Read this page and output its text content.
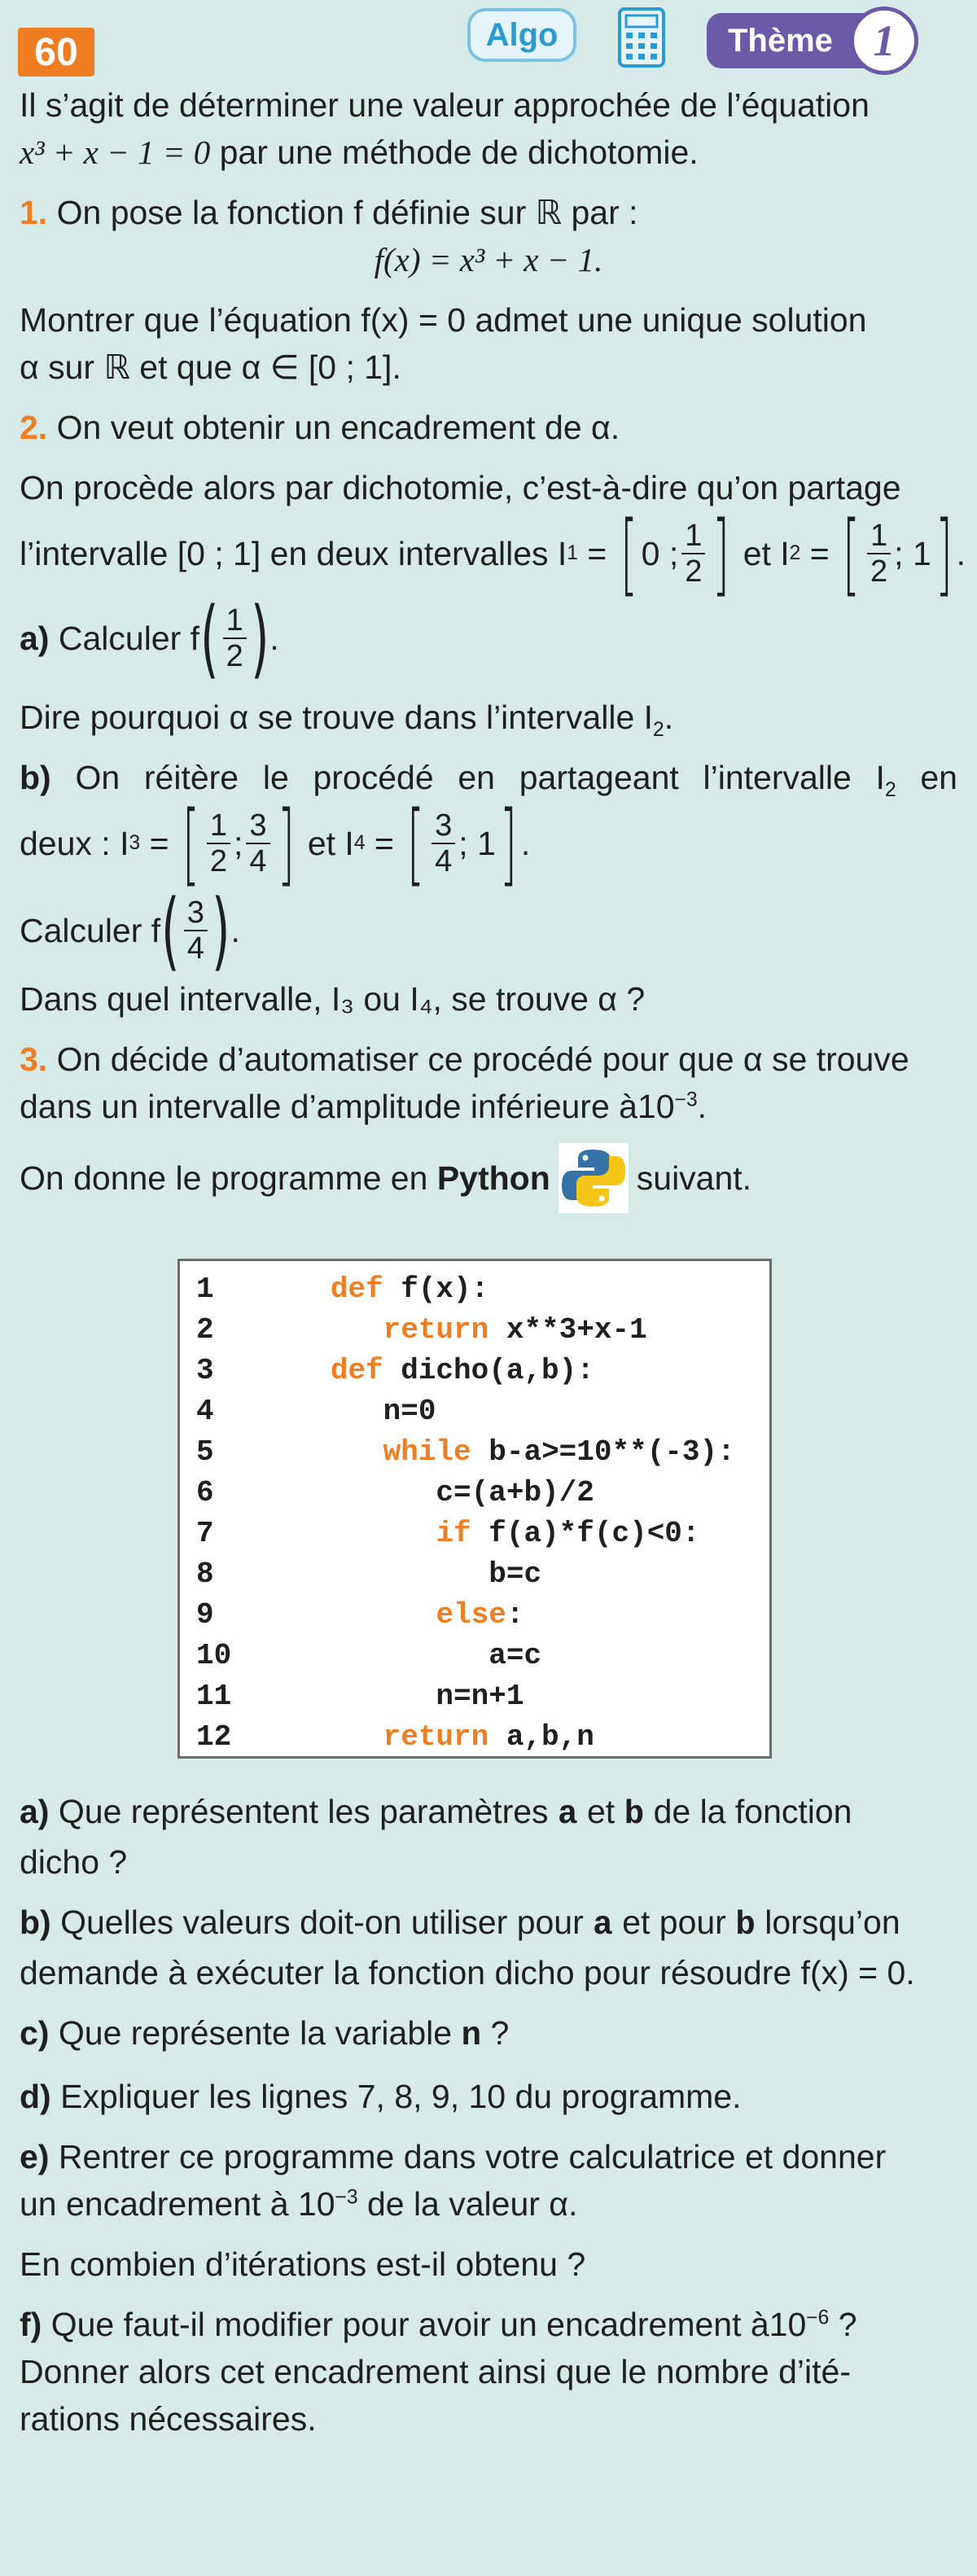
60	Algo	Thème 1

Il s’agit de déterminer une valeur approchée de l’équation

x³ + x − 1 = 0 par une méthode de dichotomie.

1. On pose la fonction f définie sur ℝ par :

f(x) = x³ + x − 1.

Montrer que l’équation f(x) = 0 admet une unique solution

α sur ℝ et que α ∈ [0 ; 1].

2. On veut obtenir un encadrement de α.

On procède alors par dichotomie, c’est-à-dire qu’on partage

l’intervalle [0 ; 1] en deux intervalles I 1 = [ 0 ; $\frac{1}{2}$ ] et I 2 = [ $\frac{1}{2}$ ; 1 ] .
a)
Calculer f ( $\frac{1}{2}$ ) .

Dire pourquoi α se trouve dans l’intervalle $I_2$.

b) On réitère le procédé en partageant l’intervalle $I_2$ en

deux : I 3 = [ $\frac{1}{2}$ ; $\frac{3}{4}$ ] et I 4 = [ $\frac{3}{4}$ ; 1 ] .
Calculer f ( $\frac{3}{4}$ ) .

Dans quel intervalle, I₃ ou I₄, se trouve α ?

3. On décide d’automatiser ce procédé pour que α se trouve

dans un intervalle d’amplitude inférieure $à10^{-3}$.

On donne le programme en
Python	suivant.

1
	def f(x):
2
	return x**3+x-1
3
	def dicho(a,b):
4	n=0
5
	while b-a>=10**(-3):
6	c=(a+b)/2
7
	if f(a)*f(c)<0:
8	b=c
9
	else :
10	a=c
11	n=n+1
12
	return a,b,n

a) Que représentent les paramètres a et b de la fonction

dicho ?

b) Quelles valeurs doit-on utiliser pour a et pour b lorsqu’on

demande à exécuter la fonction dicho pour résoudre f(x) = 0.

c) Que représente la variable n ?

d) Expliquer les lignes 7, 8, 9, 10 du programme.

e) Rentrer ce programme dans votre calculatrice et donner

un encadrement à $10^{-3}$ de la valeur α.

En combien d’itérations est-il obtenu ?

f) Que faut-il modifier pour avoir un encadrement $à10^{-6}$ ?

Donner alors cet encadrement ainsi que le nombre d’ité-

rations nécessaires.
